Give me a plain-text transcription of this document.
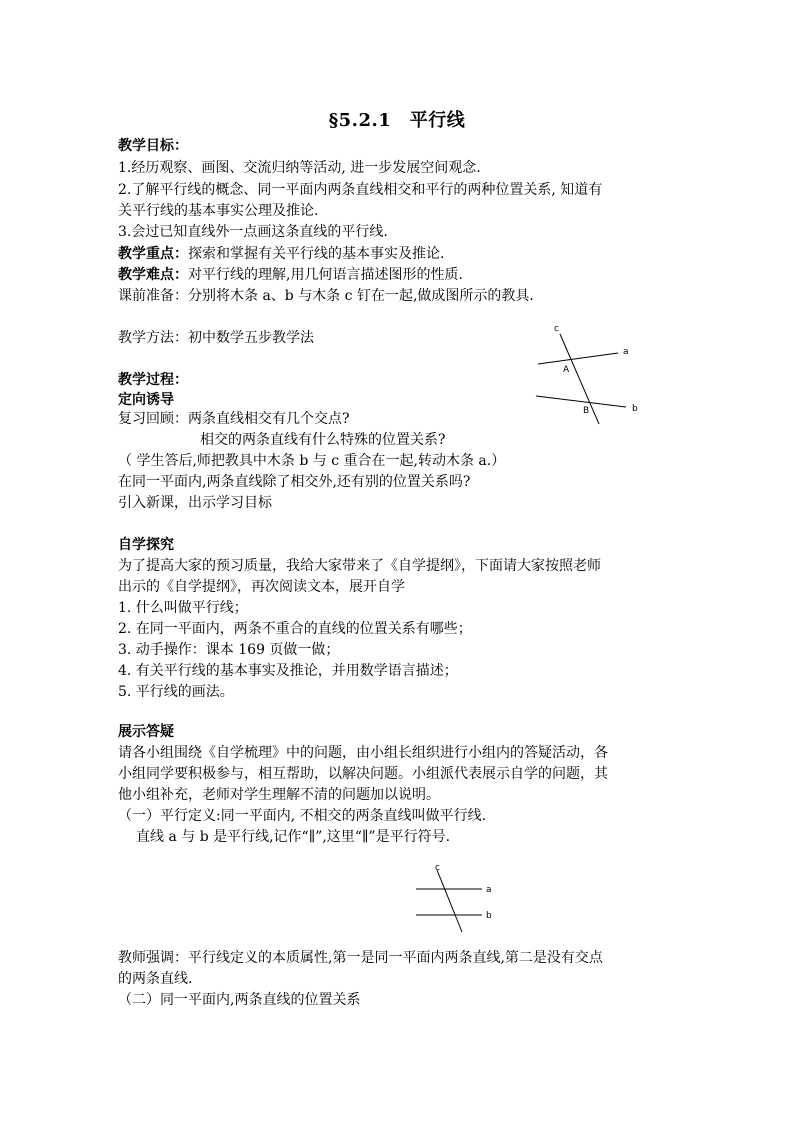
§5.2.1　平行线
教学目标：
1.经历观察、画图、交流归纳等活动, 进一步发展空间观念.
2.了解平行线的概念、同一平面内两条直线相交和平行的两种位置关系, 知道有
关平行线的基本事实公理及推论.
3.会过已知直线外一点画这条直线的平行线.
教学重点：探索和掌握有关平行线的基本事实及推论.
教学难点：对平行线的理解,用几何语言描述图形的性质.
课前准备：分别将木条 a、b 与木条 c 钉在一起,做成图所示的教具.
教学方法：初中数学五步教学法
c
a
b
A
B
教学过程：
定向诱导
复习回顾：两条直线相交有几个交点?
相交的两条直线有什么特殊的位置关系?
（ 学生答后,师把教具中木条 b 与 c 重合在一起,转动木条 a.）
在同一平面内,两条直线除了相交外,还有别的位置关系吗?
引入新课，出示学习目标
自学探究
为了提高大家的预习质量，我给大家带来了《自学提纲》，下面请大家按照老师
出示的《自学提纲》，再次阅读文本，展开自学
1. 什么叫做平行线；
2. 在同一平面内，两条不重合的直线的位置关系有哪些；
3. 动手操作：课本 169 页做一做；
4. 有关平行线的基本事实及推论，并用数学语言描述；
5. 平行线的画法。
展示答疑
请各小组围绕《自学梳理》中的问题，由小组长组织进行小组内的答疑活动，各
小组同学要积极参与，相互帮助，以解决问题。小组派代表展示自学的问题，其
他小组补充，老师对学生理解不清的问题加以说明。
（一）平行定义:同一平面内, 不相交的两条直线叫做平行线.
直线 a 与 b 是平行线,记作“∥”,这里“∥”是平行符号.
c
a
b
教师强调：平行线定义的本质属性,第一是同一平面内两条直线,第二是没有交点
的两条直线.
（二）同一平面内,两条直线的位置关系
